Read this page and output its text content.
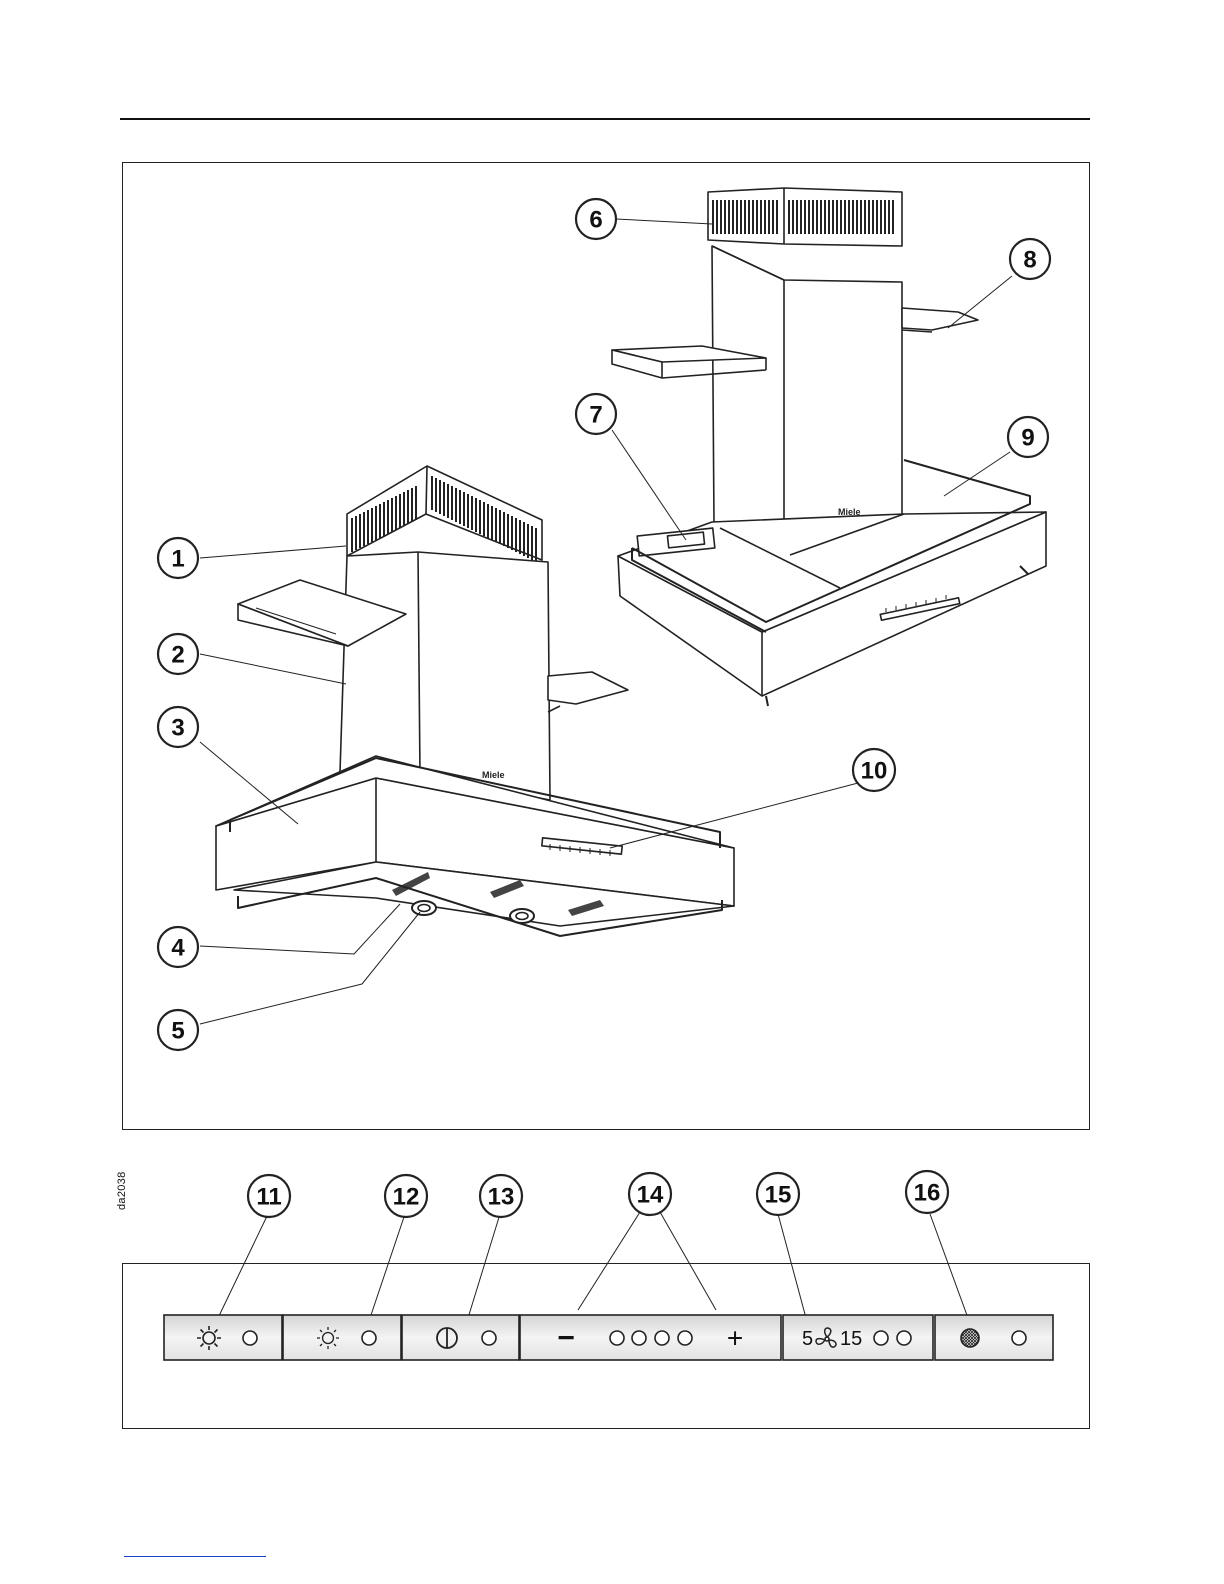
da2038
Miele
Miele
1
2
3
4
5
6
8
7
9
10
11	12	13	14	15	16
−	+	5 15
